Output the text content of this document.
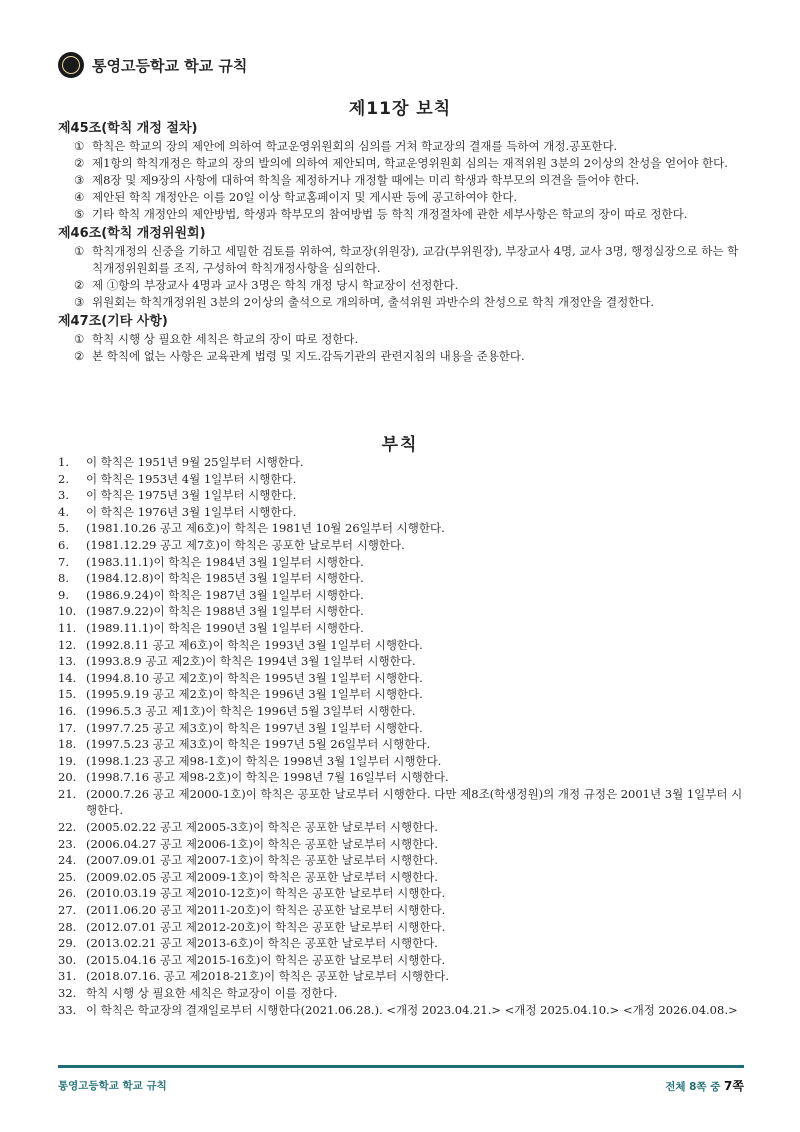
통영고등학교 학교 규칙
제11장 보칙
제45조(학칙 개정 절차)
① 학칙은 학교의 장의 제안에 의하여 학교운영위원회의 심의를 거쳐 학교장의 결재를 득하여 개정.공포한다.
② 제1항의 학칙개정은 학교의 장의 발의에 의하여 제안되며, 학교운영위원회 심의는 재적위원 3분의 2이상의 찬성을 얻어야 한다.
③ 제8장 및 제9장의 사항에 대하여 학칙을 제정하거나 개정할 때에는 미리 학생과 학부모의 의견을 들어야 한다.
④ 제안된 학칙 개정안은 이를 20일 이상 학교홈페이지 및 게시판 등에 공고하여야 한다.
⑤ 기타 학칙 개정안의 제안방법, 학생과 학부모의 참여방법 등 학칙 개정절차에 관한 세부사항은 학교의 장이 따로 정한다.
제46조(학칙 개정위원회)
① 학칙개정의 신중을 기하고 세밀한 검토를 위하여, 학교장(위원장), 교감(부위원장), 부장교사 4명, 교사 3명, 행정실장으로 하는 학칙개정위원회를 조직, 구성하여 학칙개정사항을 심의한다.
② 제 ①항의 부장교사 4명과 교사 3명은 학칙 개정 당시 학교장이 선정한다.
③ 위원회는 학칙개정위원 3분의 2이상의 출석으로 개의하며, 출석위원 과반수의 찬성으로 학칙 개정안을 결정한다.
제47조(기타 사항)
① 학칙 시행 상 필요한 세칙은 학교의 장이 따로 정한다.
② 본 학칙에 없는 사항은 교육관계 법령 및 지도.감독기관의 관련지침의 내용을 준용한다.
부칙
1. 이 학칙은 1951년 9월 25일부터 시행한다.
2. 이 학칙은 1953년 4월 1일부터 시행한다.
3. 이 학칙은 1975년 3월 1일부터 시행한다.
4. 이 학칙은 1976년 3월 1일부터 시행한다.
5. (1981.10.26 공고 제6호)이 학칙은 1981년 10월 26일부터 시행한다.
6. (1981.12.29 공고 제7호)이 학칙은 공포한 날로부터 시행한다.
7. (1983.11.1)이 학칙은 1984년 3월 1일부터 시행한다.
8. (1984.12.8)이 학칙은 1985년 3월 1일부터 시행한다.
9. (1986.9.24)이 학칙은 1987년 3월 1일부터 시행한다.
10. (1987.9.22)이 학칙은 1988년 3월 1일부터 시행한다.
11. (1989.11.1)이 학칙은 1990년 3월 1일부터 시행한다.
12. (1992.8.11 공고 제6호)이 학칙은 1993년 3월 1일부터 시행한다.
13. (1993.8.9 공고 제2호)이 학칙은 1994년 3월 1일부터 시행한다.
14. (1994.8.10 공고 제2호)이 학칙은 1995년 3월 1일부터 시행한다.
15. (1995.9.19 공고 제2호)이 학칙은 1996년 3월 1일부터 시행한다.
16. (1996.5.3 공고 제1호)이 학칙은 1996년 5월 3일부터 시행한다.
17. (1997.7.25 공고 제3호)이 학칙은 1997년 3월 1일부터 시행한다.
18. (1997.5.23 공고 제3호)이 학칙은 1997년 5월 26일부터 시행한다.
19. (1998.1.23 공고 제98-1호)이 학칙은 1998년 3월 1일부터 시행한다.
20. (1998.7.16 공고 제98-2호)이 학칙은 1998년 7월 16일부터 시행한다.
21. (2000.7.26 공고 제2000-1호)이 학칙은 공포한 날로부터 시행한다. 다만 제8조(학생정원)의 개정 규정은 2001년 3월 1일부터 시행한다.
22. (2005.02.22 공고 제2005-3호)이 학칙은 공포한 날로부터 시행한다.
23. (2006.04.27 공고 제2006-1호)이 학칙은 공포한 날로부터 시행한다.
24. (2007.09.01 공고 제2007-1호)이 학칙은 공포한 날로부터 시행한다.
25. (2009.02.05 공고 제2009-1호)이 학칙은 공포한 날로부터 시행한다.
26. (2010.03.19 공고 제2010-12호)이 학칙은 공포한 날로부터 시행한다.
27. (2011.06.20 공고 제2011-20호)이 학칙은 공포한 날로부터 시행한다.
28. (2012.07.01 공고 제2012-20호)이 학칙은 공포한 날로부터 시행한다.
29. (2013.02.21 공고 제2013-6호)이 학칙은 공포한 날로부터 시행한다.
30. (2015.04.16 공고 제2015-16호)이 학칙은 공포한 날로부터 시행한다.
31. (2018.07.16. 공고 제2018-21호)이 학칙은 공포한 날로부터 시행한다.
32. 학칙 시행 상 필요한 세칙은 학교장이 이를 정한다.
33. 이 학칙은 학교장의 결재일로부터 시행한다(2021.06.28.). <개정 2023.04.21.> <개정 2025.04.10.> <개정 2026.04.08.>
통영고등학교 학교 규칙	전체 8쪽 중 7쪽
